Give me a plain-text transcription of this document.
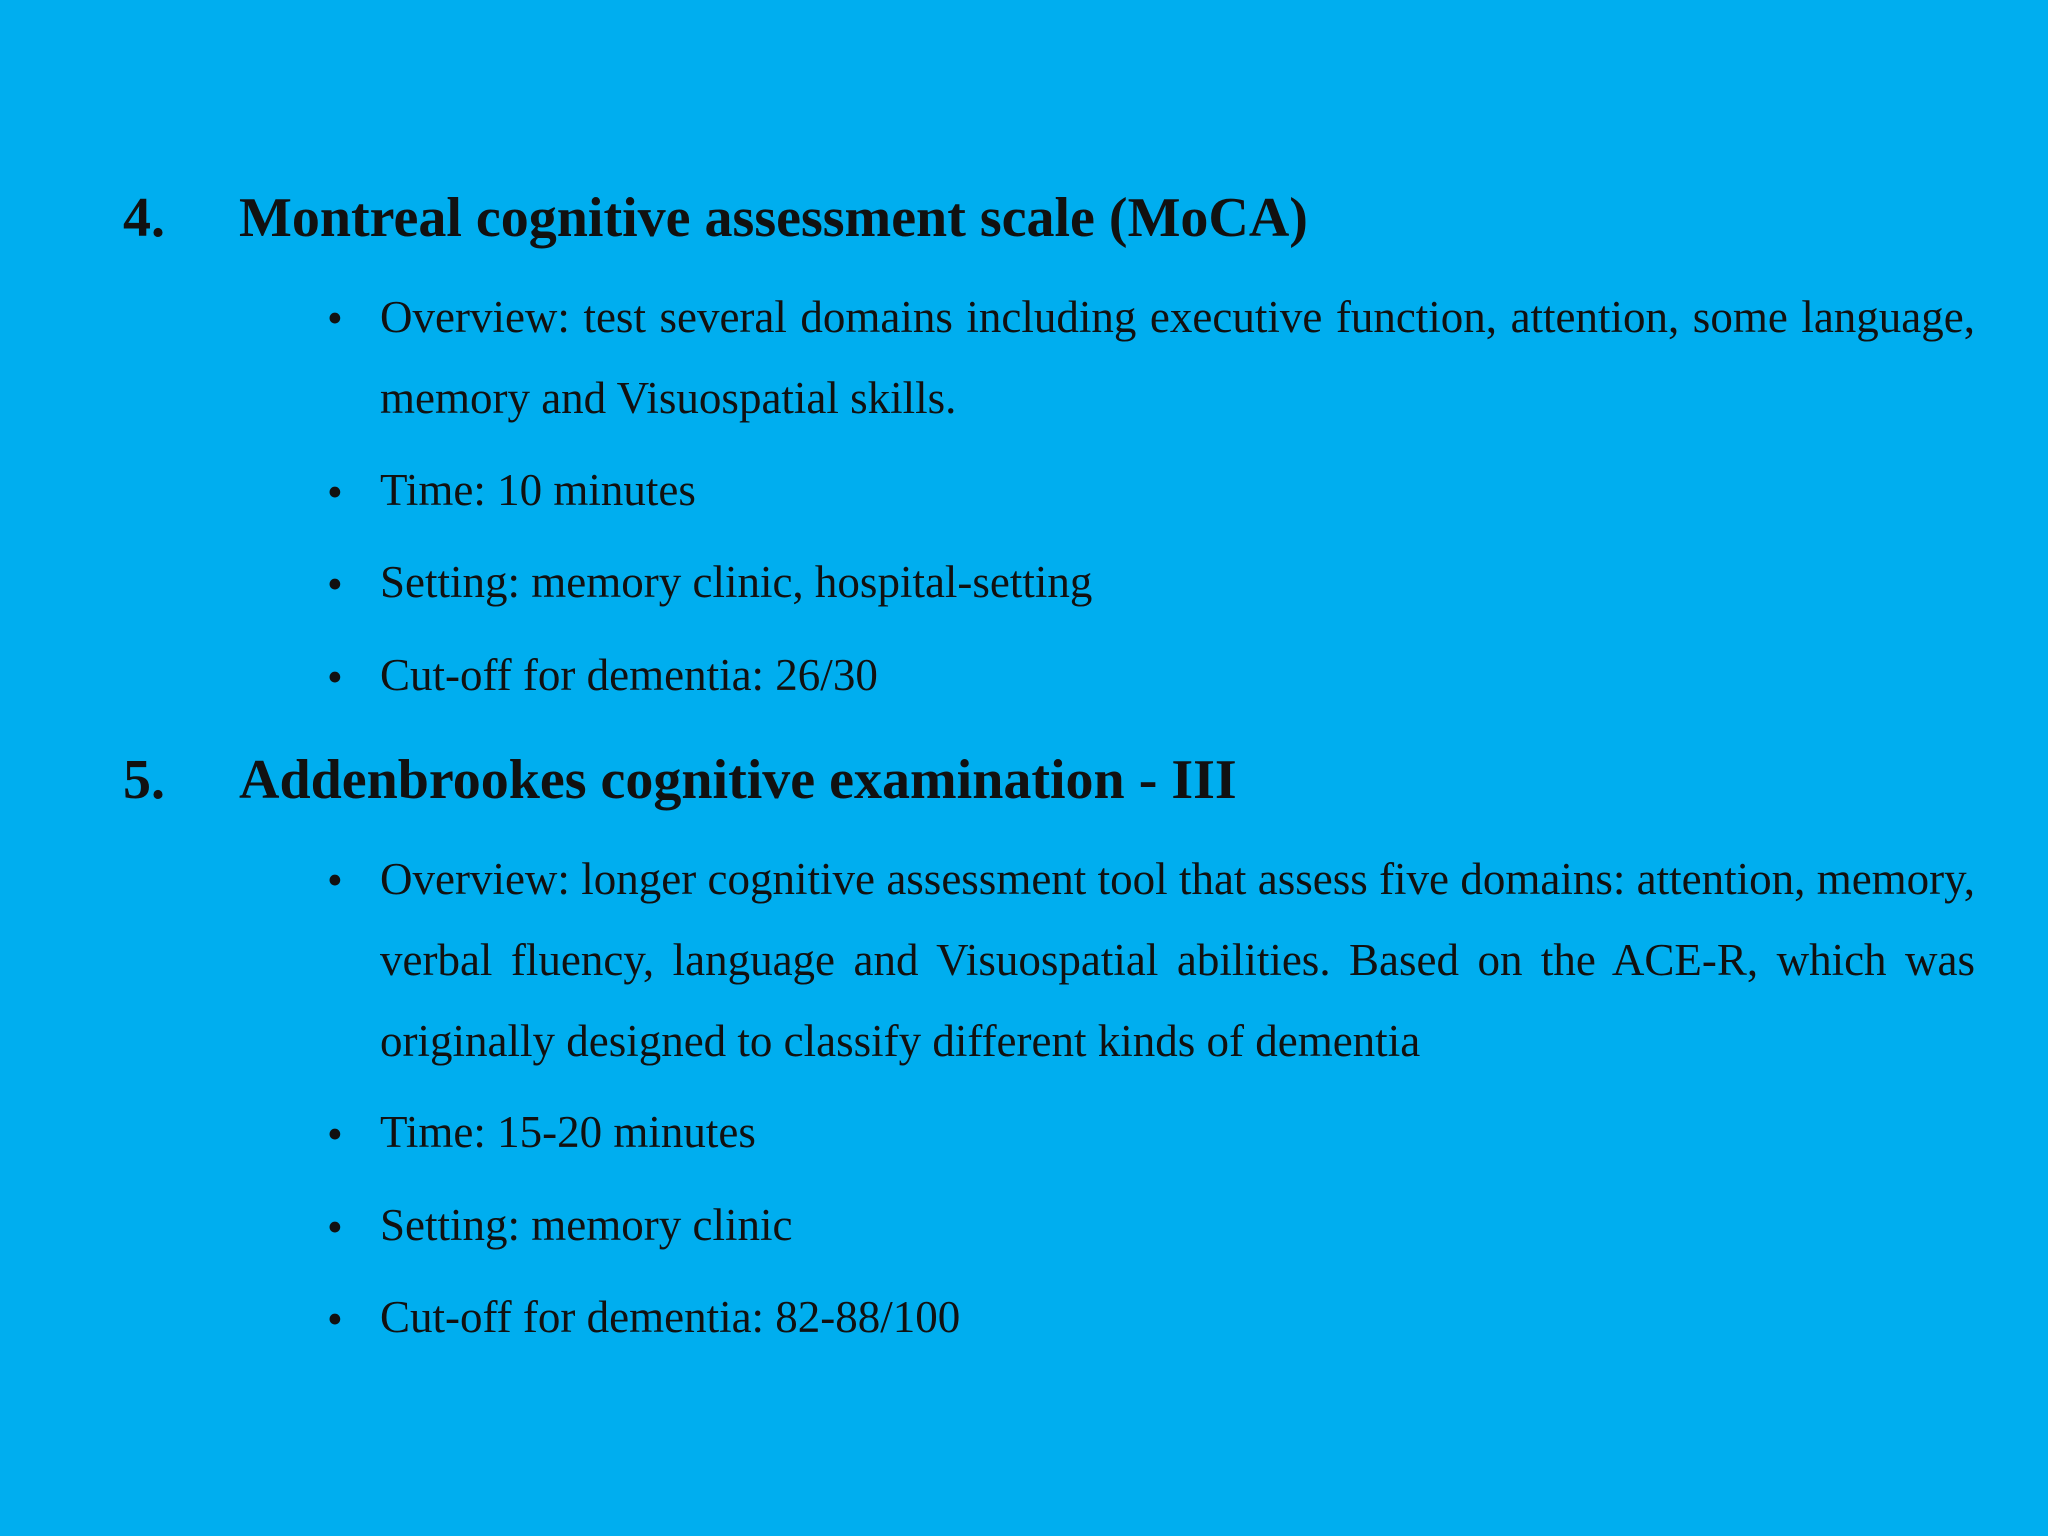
4. Montreal cognitive assessment scale (MoCA)
• Overview: test several domains including executive function, attention, some language, memory and Visuospatial skills.
• Time: 10 minutes
• Setting: memory clinic, hospital-setting
• Cut-off for dementia: 26/30
5. Addenbrookes cognitive examination - III
• Overview: longer cognitive assessment tool that assess five domains: attention, memory, verbal fluency, language and Visuospatial abilities. Based on the ACE-R, which was originally designed to classify different kinds of dementia
• Time: 15-20 minutes
• Setting: memory clinic
• Cut-off for dementia: 82-88/100
